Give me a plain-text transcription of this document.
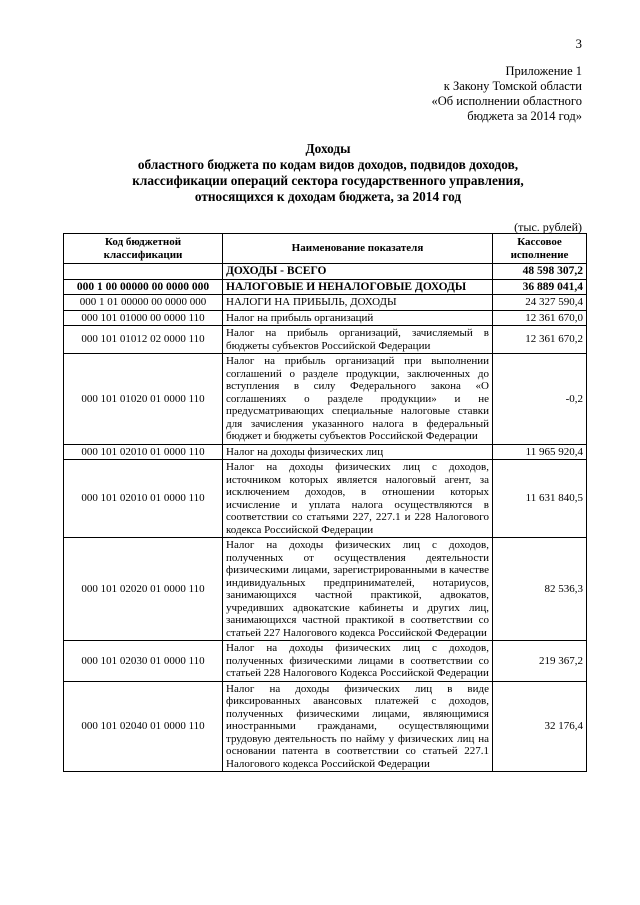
3
Приложение 1
к Закону Томской области
«Об исполнении областного
бюджета за 2014 год»
Доходы
областного бюджета по кодам видов доходов, подвидов доходов,
классификации операций сектора государственного управления,
относящихся к доходам бюджета, за 2014 год
(тыс. рублей)
Код бюджетной классификации	Наименование показателя	Кассовое исполнение
	ДОХОДЫ - ВСЕГО	48 598 307,2
000 1 00 00000 00 0000 000	НАЛОГОВЫЕ И НЕНАЛОГОВЫЕ ДОХОДЫ	36 889 041,4
000 1 01 00000 00 0000 000	НАЛОГИ НА ПРИБЫЛЬ, ДОХОДЫ	24 327 590,4
000 101 01000 00 0000 110	Налог на прибыль организаций	12 361 670,0
000 101 01012 02 0000 110	Налог на прибыль организаций, зачисляемый в бюджеты субъектов Российской Федерации	12 361 670,2
000 101 01020 01 0000 110	Налог на прибыль организаций при выполнении соглашений о разделе продукции, заключенных до вступления в силу Федерального закона «О соглашениях о разделе продукции» и не предусматривающих специальные налоговые ставки для зачисления указанного налога в федеральный бюджет и бюджеты субъектов Российской Федерации	-0,2
000 101 02010 01 0000 110	Налог на доходы физических лиц	11 965 920,4
000 101 02010 01 0000 110	Налог на доходы физических лиц с доходов, источником которых является налоговый агент, за исключением доходов, в отношении которых исчисление и уплата налога осуществляются в соответствии со статьями 227, 227.1 и 228 Налогового кодекса Российской Федерации	11 631 840,5
000 101 02020 01 0000 110	Налог на доходы физических лиц с доходов, полученных от осуществления деятельности физическими лицами, зарегистрированными в качестве индивидуальных предпринимателей, нотариусов, занимающихся частной практикой, адвокатов, учредивших адвокатские кабинеты и других лиц, занимающихся частной практикой в соответствии со статьей 227 Налогового кодекса Российской Федерации	82 536,3
000 101 02030 01 0000 110	Налог на доходы физических лиц с доходов, полученных физическими лицами в соответствии со статьей 228 Налогового Кодекса Российской Федерации	219 367,2
000 101 02040 01 0000 110	Налог на доходы физических лиц в виде фиксированных авансовых платежей с доходов, полученных физическими лицами, являющимися иностранными гражданами, осуществляющими трудовую деятельность по найму у физических лиц на основании патента в соответствии со статьей 227.1 Налогового кодекса Российской Федерации	32 176,4
